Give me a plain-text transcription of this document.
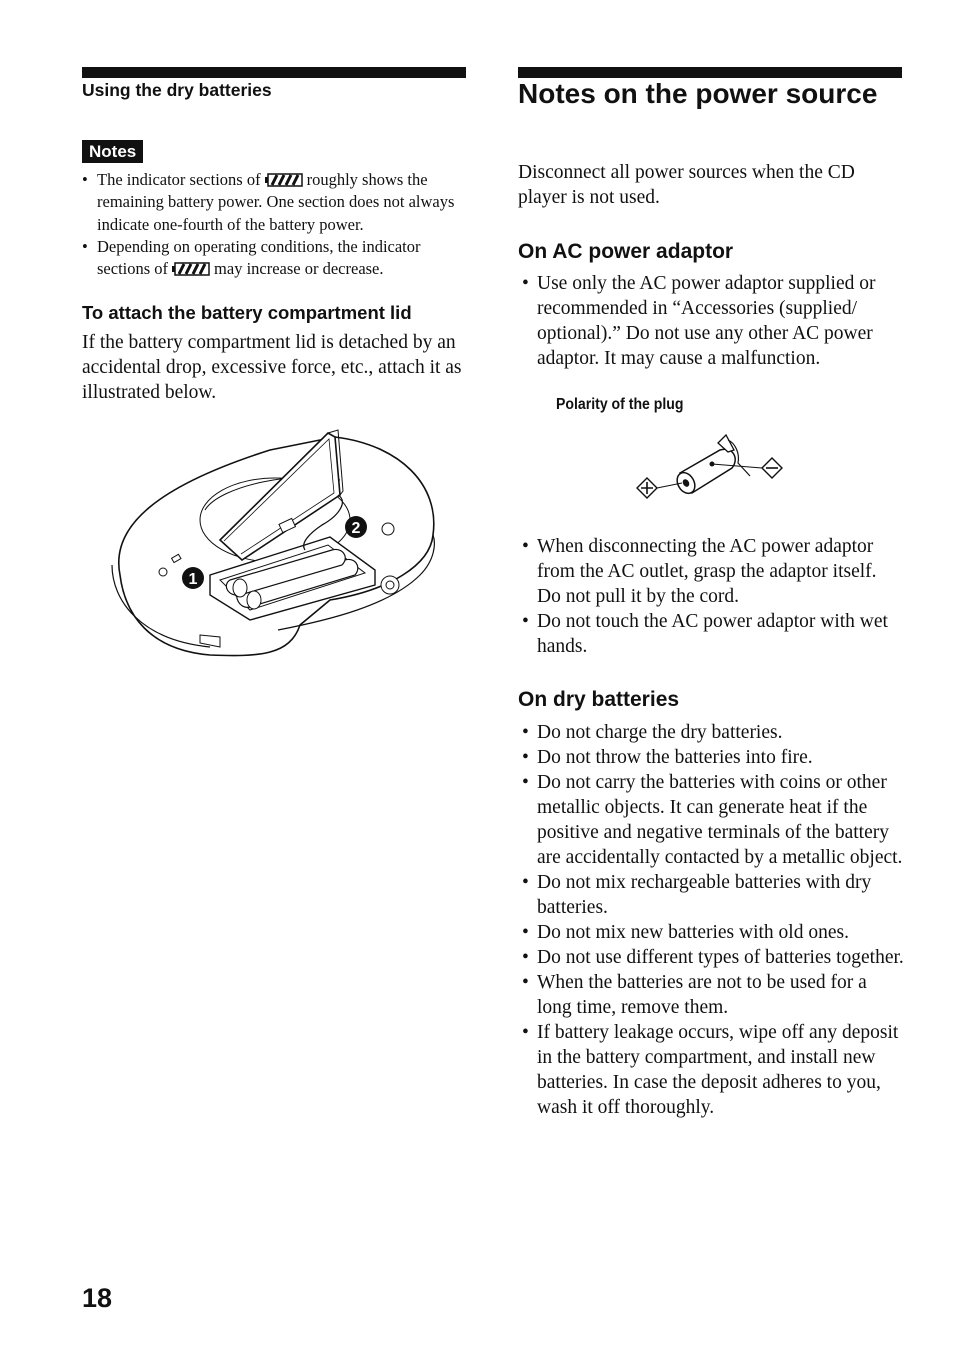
Using the dry batteries
Notes
• The indicator sections of	roughly shows the remaining battery power. One section does not always indicate one-fourth of the battery power.
• Depending on operating conditions, the indicator sections of	may increase or decrease.
To attach the battery compartment lid

If the battery compartment lid is detached by an accidental drop, excessive force, etc., attach it as illustrated below.

1
2
Notes on the power source

Disconnect all power sources when the CD player is not used.

On AC power adaptor
• Use only the AC power adaptor supplied or recommended in “Accessories (supplied/ optional).” Do not use any other AC power adaptor. It may cause a malfunction.
Polarity of the plug
• When disconnecting the AC power adaptor from the AC outlet, grasp the adaptor itself. Do not pull it by the cord.
• Do not touch the AC power adaptor with wet hands.
On dry batteries
• Do not charge the dry batteries.
• Do not throw the batteries into fire.
• Do not carry the batteries with coins or other metallic objects. It can generate heat if the positive and negative terminals of the battery are accidentally contacted by a metallic object.
• Do not mix rechargeable batteries with dry batteries.
• Do not mix new batteries with old ones.
• Do not use different types of batteries together.
• When the batteries are not to be used for a long time, remove them.
• If battery leakage occurs, wipe off any deposit in the battery compartment, and install new batteries. In case the deposit adheres to you, wash it off thoroughly.
18
